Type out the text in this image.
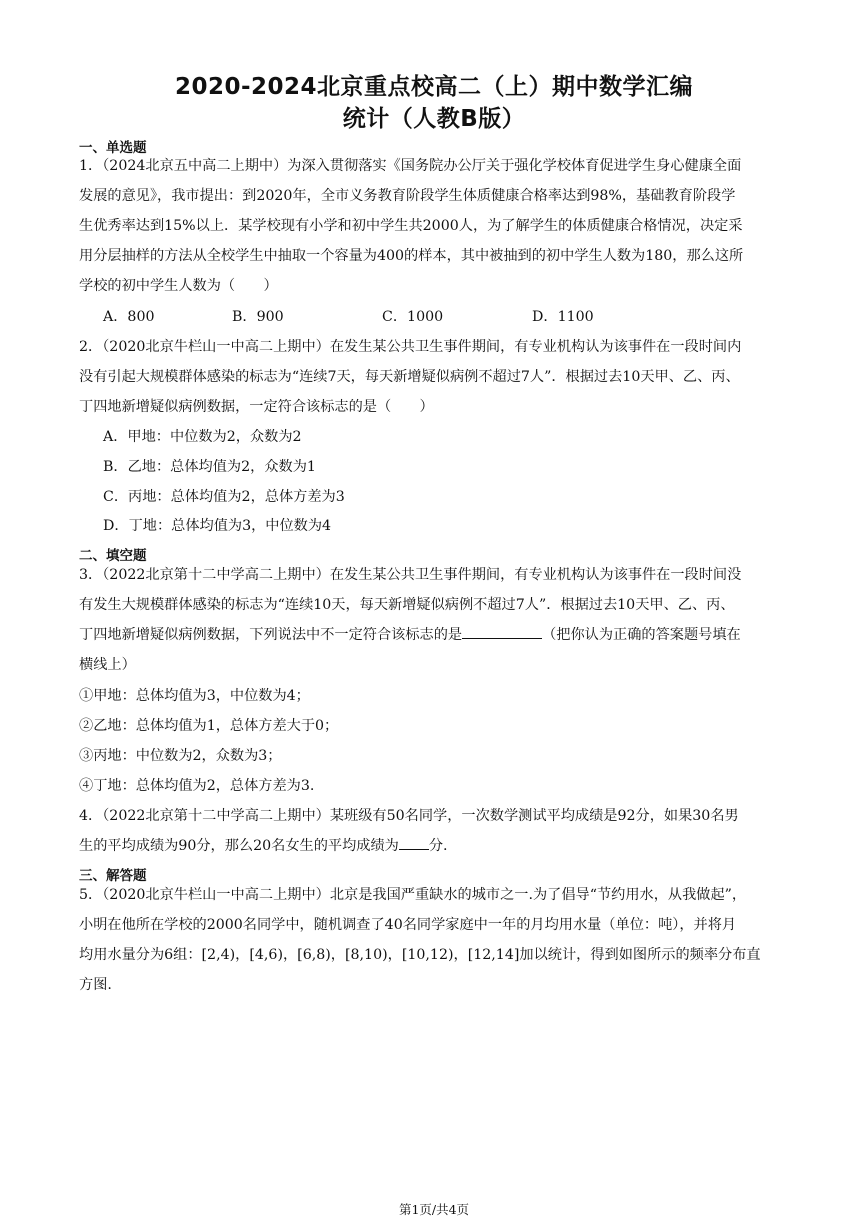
2020-2024北京重点校高二（上）期中数学汇编
统计（人教B版）
一、单选题
1．（2024北京五中高二上期中）为深入贯彻落实《国务院办公厅关于强化学校体育促进学生身心健康全面
发展的意见》，我市提出：到2020年，全市义务教育阶段学生体质健康合格率达到98%，基础教育阶段学
生优秀率达到15%以上．某学校现有小学和初中学生共2000人，为了解学生的体质健康合格情况，决定采
用分层抽样的方法从全校学生中抽取一个容量为400的样本，其中被抽到的初中学生人数为180，那么这所
学校的初中学生人数为（　　）
A．800	B．900	C．1000	D．1100
2．（2020北京牛栏山一中高二上期中）在发生某公共卫生事件期间，有专业机构认为该事件在一段时间内
没有引起大规模群体感染的标志为“连续7天，每天新增疑似病例不超过7人”．根据过去10天甲、乙、丙、
丁四地新增疑似病例数据，一定符合该标志的是（　　）
A．甲地：中位数为2，众数为2
B．乙地：总体均值为2，众数为1
C．丙地：总体均值为2，总体方差为3
D．丁地：总体均值为3，中位数为4
二、填空题
3．（2022北京第十二中学高二上期中）在发生某公共卫生事件期间，有专业机构认为该事件在一段时间没
有发生大规模群体感染的标志为“连续10天，每天新增疑似病例不超过7人”．根据过去10天甲、乙、丙、
丁四地新增疑似病例数据，下列说法中不一定符合该标志的是	（把你认为正确的答案题号填在
横线上）
①甲地：总体均值为3，中位数为4；
②乙地：总体均值为1，总体方差大于0；
③丙地：中位数为2，众数为3；
④丁地：总体均值为2，总体方差为3.
4．（2022北京第十二中学高二上期中）某班级有50名同学，一次数学测试平均成绩是92分，如果30名男
生的平均成绩为90分，那么20名女生的平均成绩为 分.
三、解答题
5．（2020北京牛栏山一中高二上期中）北京是我国严重缺水的城市之一.为了倡导“节约用水，从我做起”，
小明在他所在学校的2000名同学中，随机调查了40名同学家庭中一年的月均用水量（单位：吨），并将月
均用水量分为6组：[2,4)，[4,6)，[6,8)，[8,10)，[10,12)，[12,14]加以统计，得到如图所示的频率分布直
方图.
第1页/共4页
